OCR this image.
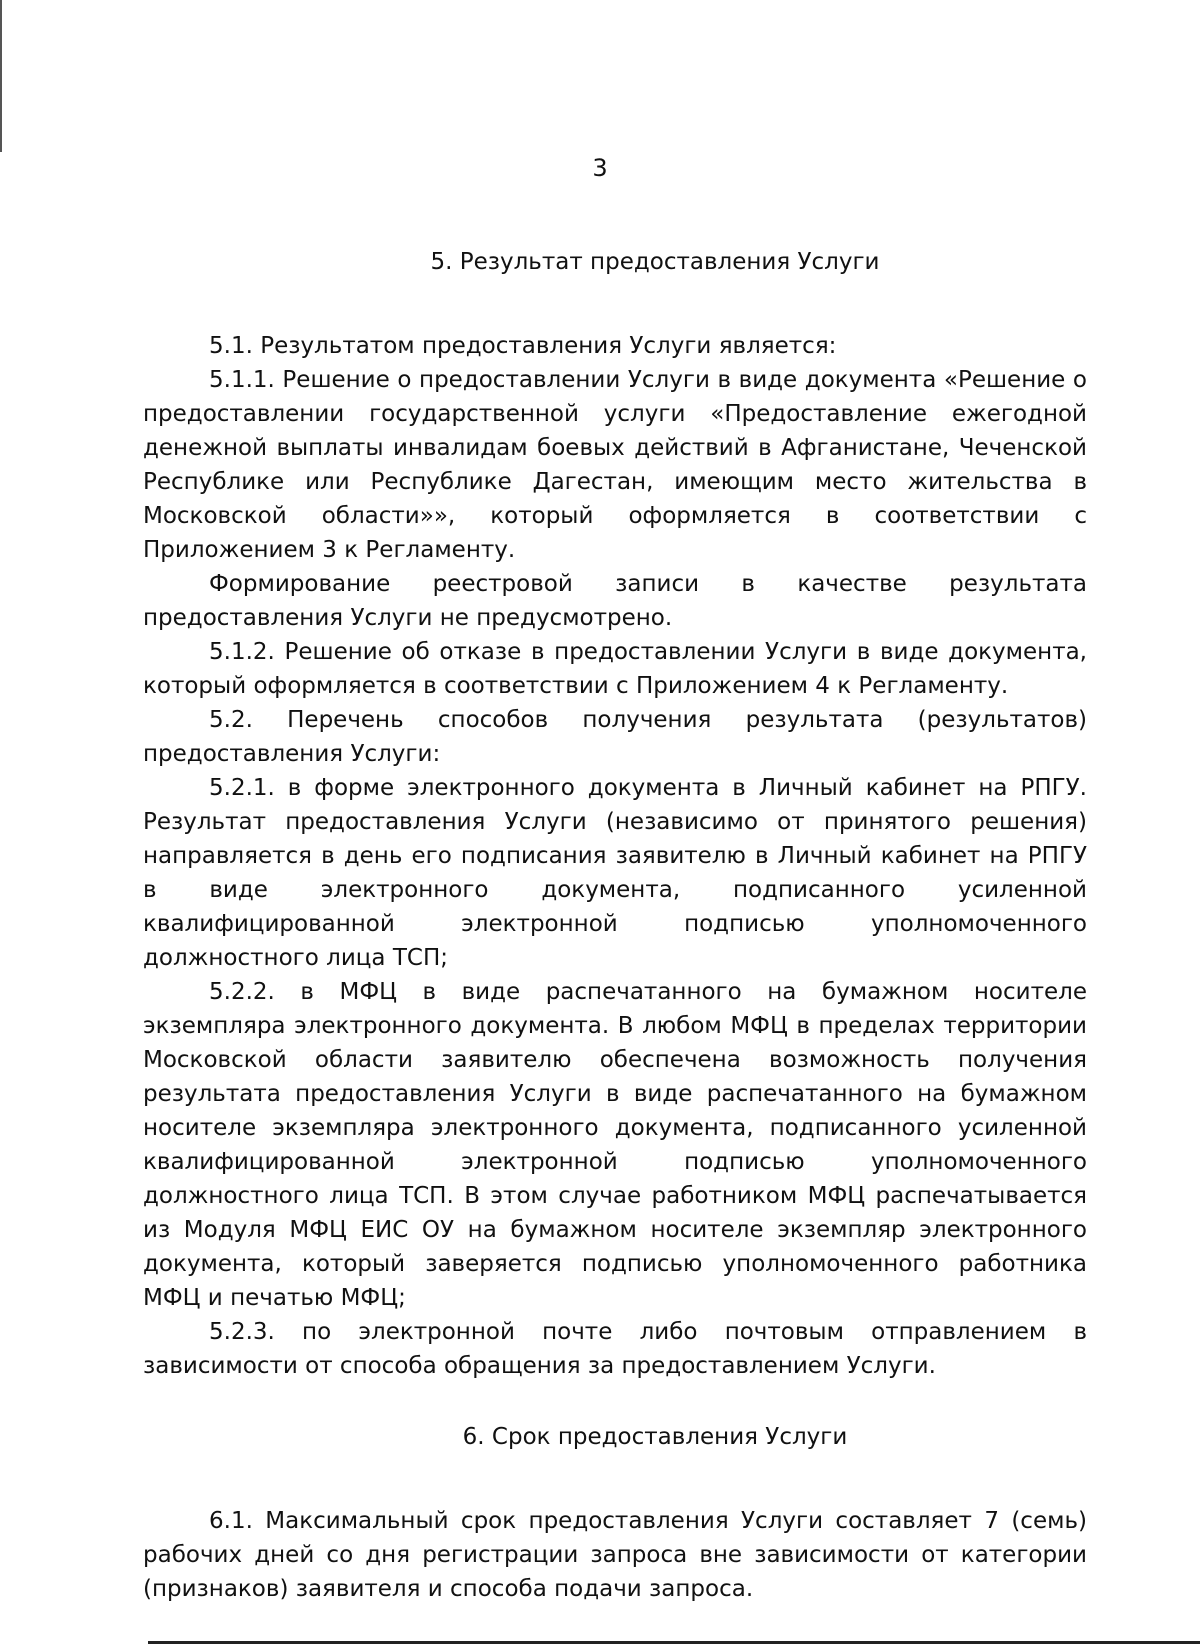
3
5. Результат предоставления Услуги

5.1. Результатом предоставления Услуги является:

5.1.1. Решение о предоставлении Услуги в виде документа «Решение о предоставлении государственной услуги «Предоставление ежегодной денежной выплаты инвалидам боевых действий в Афганистане, Чеченской Республике или Республике Дагестан, имеющим место жительства в Московской области»», который оформляется в соответствии с Приложением 3 к Регламенту.

Формирование реестровой записи в качестве результата предоставления Услуги не предусмотрено.

5.1.2. Решение об отказе в предоставлении Услуги в виде документа, который оформляется в соответствии с Приложением 4 к Регламенту.

5.2. Перечень способов получения результата (результатов) предоставления Услуги:

5.2.1. в форме электронного документа в Личный кабинет на РПГУ. Результат предоставления Услуги (независимо от принятого решения) направляется в день его подписания заявителю в Личный кабинет на РПГУ в виде электронного документа, подписанного усиленной квалифицированной электронной подписью уполномоченного должностного лица ТСП;

5.2.2. в МФЦ в виде распечатанного на бумажном носителе экземпляра электронного документа. В любом МФЦ в пределах территории Московской области заявителю обеспечена возможность получения результата предоставления Услуги в виде распечатанного на бумажном носителе экземпляра электронного документа, подписанного усиленной квалифицированной электронной подписью уполномоченного должностного лица ТСП. В этом случае работником МФЦ распечатывается из Модуля МФЦ ЕИС ОУ на бумажном носителе экземпляр электронного документа, который заверяется подписью уполномоченного работника МФЦ и печатью МФЦ;

5.2.3. по электронной почте либо почтовым отправлением в зависимости от способа обращения за предоставлением Услуги.

6. Срок предоставления Услуги

6.1. Максимальный срок предоставления Услуги составляет 7 (семь) рабочих дней со дня регистрации запроса вне зависимости от категории (признаков) заявителя и способа подачи запроса.
